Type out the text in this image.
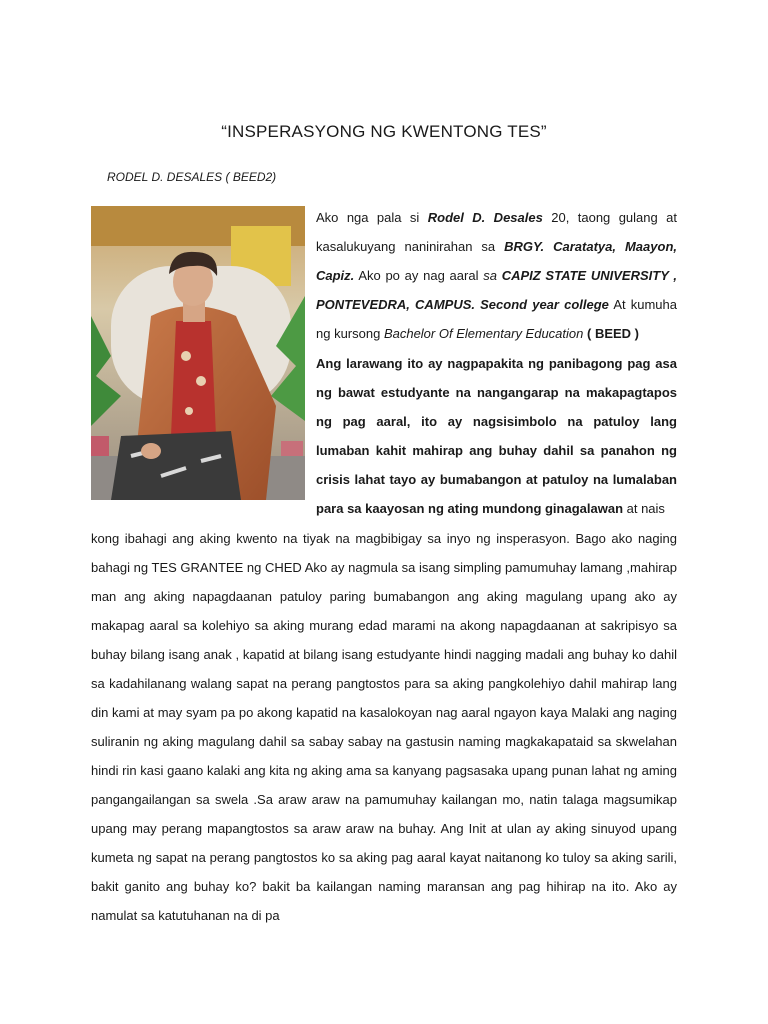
“INSPERASYONG NG KWENTONG TES”
RODEL D. DESALES ( BEED2)

Ako nga pala si Rodel D. Desales 20, taong gulang at kasalukuyang naninirahan sa BRGY. Caratatya, Maayon, Capiz. Ako po ay nag aaral sa CAPIZ STATE UNIVERSITY , PONTEVEDRA, CAMPUS. Second year college At kumuha ng kursong Bachelor Of Elementary Education ( BEED )

Ang larawang ito ay nagpapakita ng panibagong pag asa ng bawat estudyante na nangangarap na makapagtapos ng pag aaral, ito ay nagsisimbolo na patuloy lang lumaban kahit mahirap ang buhay dahil sa panahon ng crisis lahat tayo ay bumabangon at patuloy na lumalaban para sa kaayosan ng ating mundong ginagalawan at nais

kong ibahagi ang aking kwento na tiyak na magbibigay sa inyo ng insperasyon. Bago ako naging bahagi ng TES GRANTEE ng CHED Ako ay nagmula sa isang simpling pamumuhay lamang ,mahirap man ang aking napagdaanan patuloy paring bumabangon ang aking magulang upang ako ay makapag aaral sa kolehiyo sa aking murang edad marami na akong napagdaanan at sakripisyo sa buhay bilang isang anak , kapatid at bilang isang estudyante hindi nagging madali ang buhay ko dahil sa kadahilanang walang sapat na perang pangtostos para sa aking pangkolehiyo dahil mahirap lang din kami at may syam pa po akong kapatid na kasalokoyan nag aaral ngayon kaya Malaki ang naging suliranin ng aking magulang dahil sa sabay sabay na gastusin naming magkakapataid sa skwelahan hindi rin kasi gaano kalaki ang kita ng aking ama sa kanyang pagsasaka upang punan lahat ng aming pangangailangan sa swela .Sa araw araw na pamumuhay kailangan mo, natin talaga magsumikap upang may perang mapangtostos sa araw araw na buhay. Ang Init at ulan ay aking sinuyod upang kumeta ng sapat na perang pangtostos ko sa aking pag aaral kayat naitanong ko tuloy sa aking sarili, bakit ganito ang buhay ko? bakit ba kailangan naming maransan ang pag hihirap na ito. Ako ay namulat sa katutuhanan na di pa
